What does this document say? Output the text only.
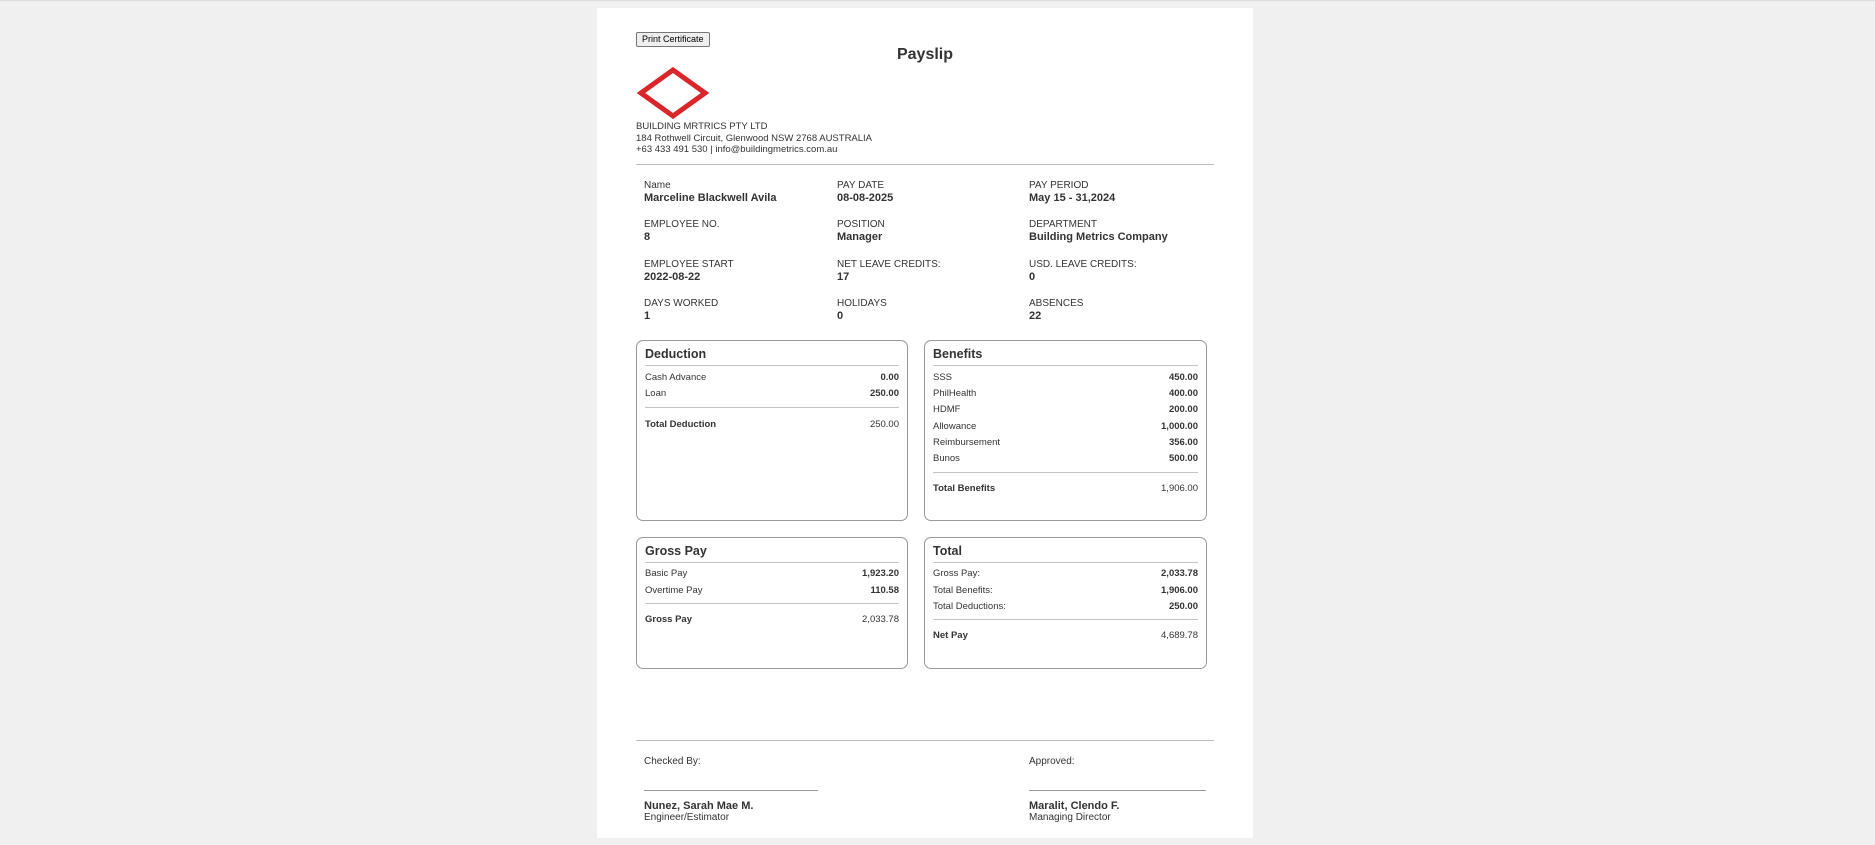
Print Certificate
Payslip
BUILDING MRTRICS PTY LTD
184 Rothwell Circuit, Glenwood NSW 2768 AUSTRALIA
+63 433 491 530 | info@buildingmetrics.com.au
Name
Marceline Blackwell Avila
PAY DATE
08-08-2025
PAY PERIOD
May 15 - 31,2024
EMPLOYEE NO.
8
POSITION
Manager
DEPARTMENT
Building Metrics Company
EMPLOYEE START
2022-08-22
NET LEAVE CREDITS:
17
USD. LEAVE CREDITS:
0
DAYS WORKED
1
HOLIDAYS
0
ABSENCES
22
Deduction
Cash Advance	0.00
Loan	250.00
Total Deduction	250.00
Benefits
SSS	450.00
PhilHealth	400.00
HDMF	200.00
Allowance	1,000.00
Reimbursement	356.00
Bunos	500.00
Total Benefits	1,906.00
Gross Pay
Basic Pay	1,923.20
Overtime Pay	110.58
Gross Pay	2,033.78
Total
Gross Pay:	2,033.78
Total Benefits:	1,906.00
Total Deductions:	250.00
Net Pay	4,689.78
Checked By:
Nunez, Sarah Mae M.
Engineer/Estimator
Approved:
Maralit, Clendo F.
Managing Director
